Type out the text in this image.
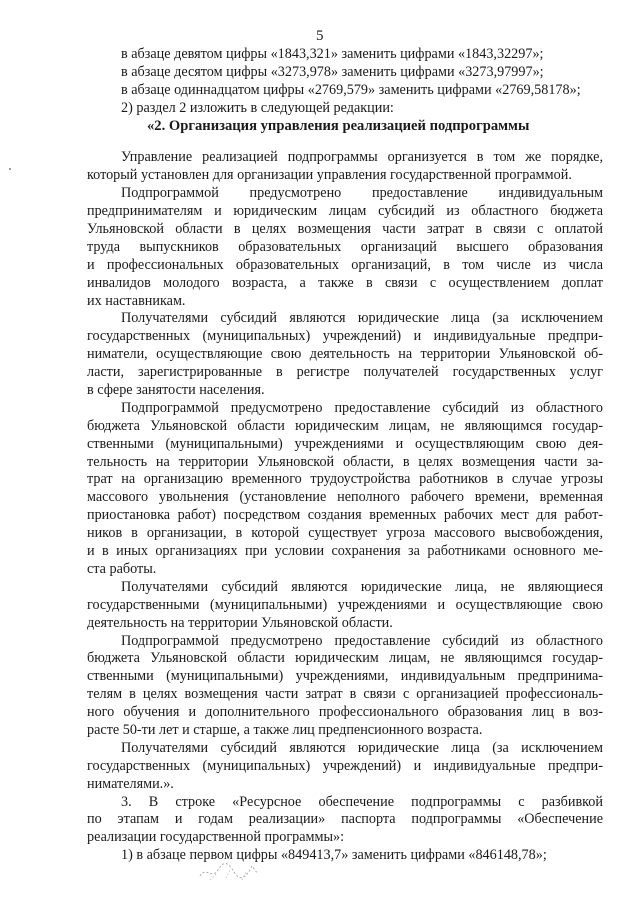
5
в абзаце девятом цифры «1843,321» заменить цифрами «1843,32297»;
в абзаце десятом цифры «3273,978» заменить цифрами «3273,97997»;
в абзаце одиннадцатом цифры «2769,579» заменить цифрами «2769,58178»;
2) раздел 2 изложить в следующей редакции:
«2. Организация управления реализацией подпрограммы
Управление реализацией подпрограммы организуется в том же порядке,
который установлен для организации управления государственной программой.
Подпрограммой предусмотрено предоставление индивидуальным
предпринимателям и юридическим лицам субсидий из областного бюджета
Ульяновской области в целях возмещения части затрат в связи с оплатой
труда выпускников образовательных организаций высшего образования
и профессиональных образовательных организаций, в том числе из числа
инвалидов молодого возраста, а также в связи с осуществлением доплат
их наставникам.
Получателями субсидий являются юридические лица (за исключением
государственных (муниципальных) учреждений) и индивидуальные предпри-
ниматели, осуществляющие свою деятельность на территории Ульяновской об-
ласти, зарегистрированные в регистре получателей государственных услуг
в сфере занятости населения.
Подпрограммой предусмотрено предоставление субсидий из областного
бюджета Ульяновской области юридическим лицам, не являющимся государ-
ственными (муниципальными) учреждениями и осуществляющим свою дея-
тельность на территории Ульяновской области, в целях возмещения части за-
трат на организацию временного трудоустройства работников в случае угрозы
массового увольнения (установление неполного рабочего времени, временная
приостановка работ) посредством создания временных рабочих мест для работ-
ников в организации, в которой существует угроза массового высвобождения,
и в иных организациях при условии сохранения за работниками основного ме-
ста работы.
Получателями субсидий являются юридические лица, не являющиеся
государственными (муниципальными) учреждениями и осуществляющие свою
деятельность на территории Ульяновской области.
Подпрограммой предусмотрено предоставление субсидий из областного
бюджета Ульяновской области юридическим лицам, не являющимся государ-
ственными (муниципальными) учреждениями, индивидуальным предпринима-
телям в целях возмещения части затрат в связи с организацией профессиональ-
ного обучения и дополнительного профессионального образования лиц в воз-
расте 50-ти лет и старше, а также лиц предпенсионного возраста.
Получателями субсидий являются юридические лица (за исключением
государственных (муниципальных) учреждений) и индивидуальные предпри-
нимателями.».
3. В строке «Ресурсное обеспечение подпрограммы с разбивкой
по этапам и годам реализации» паспорта подпрограммы «Обеспечение
реализации государственной программы»:
1) в абзаце первом цифры «849413,7» заменить цифрами «846148,78»;
